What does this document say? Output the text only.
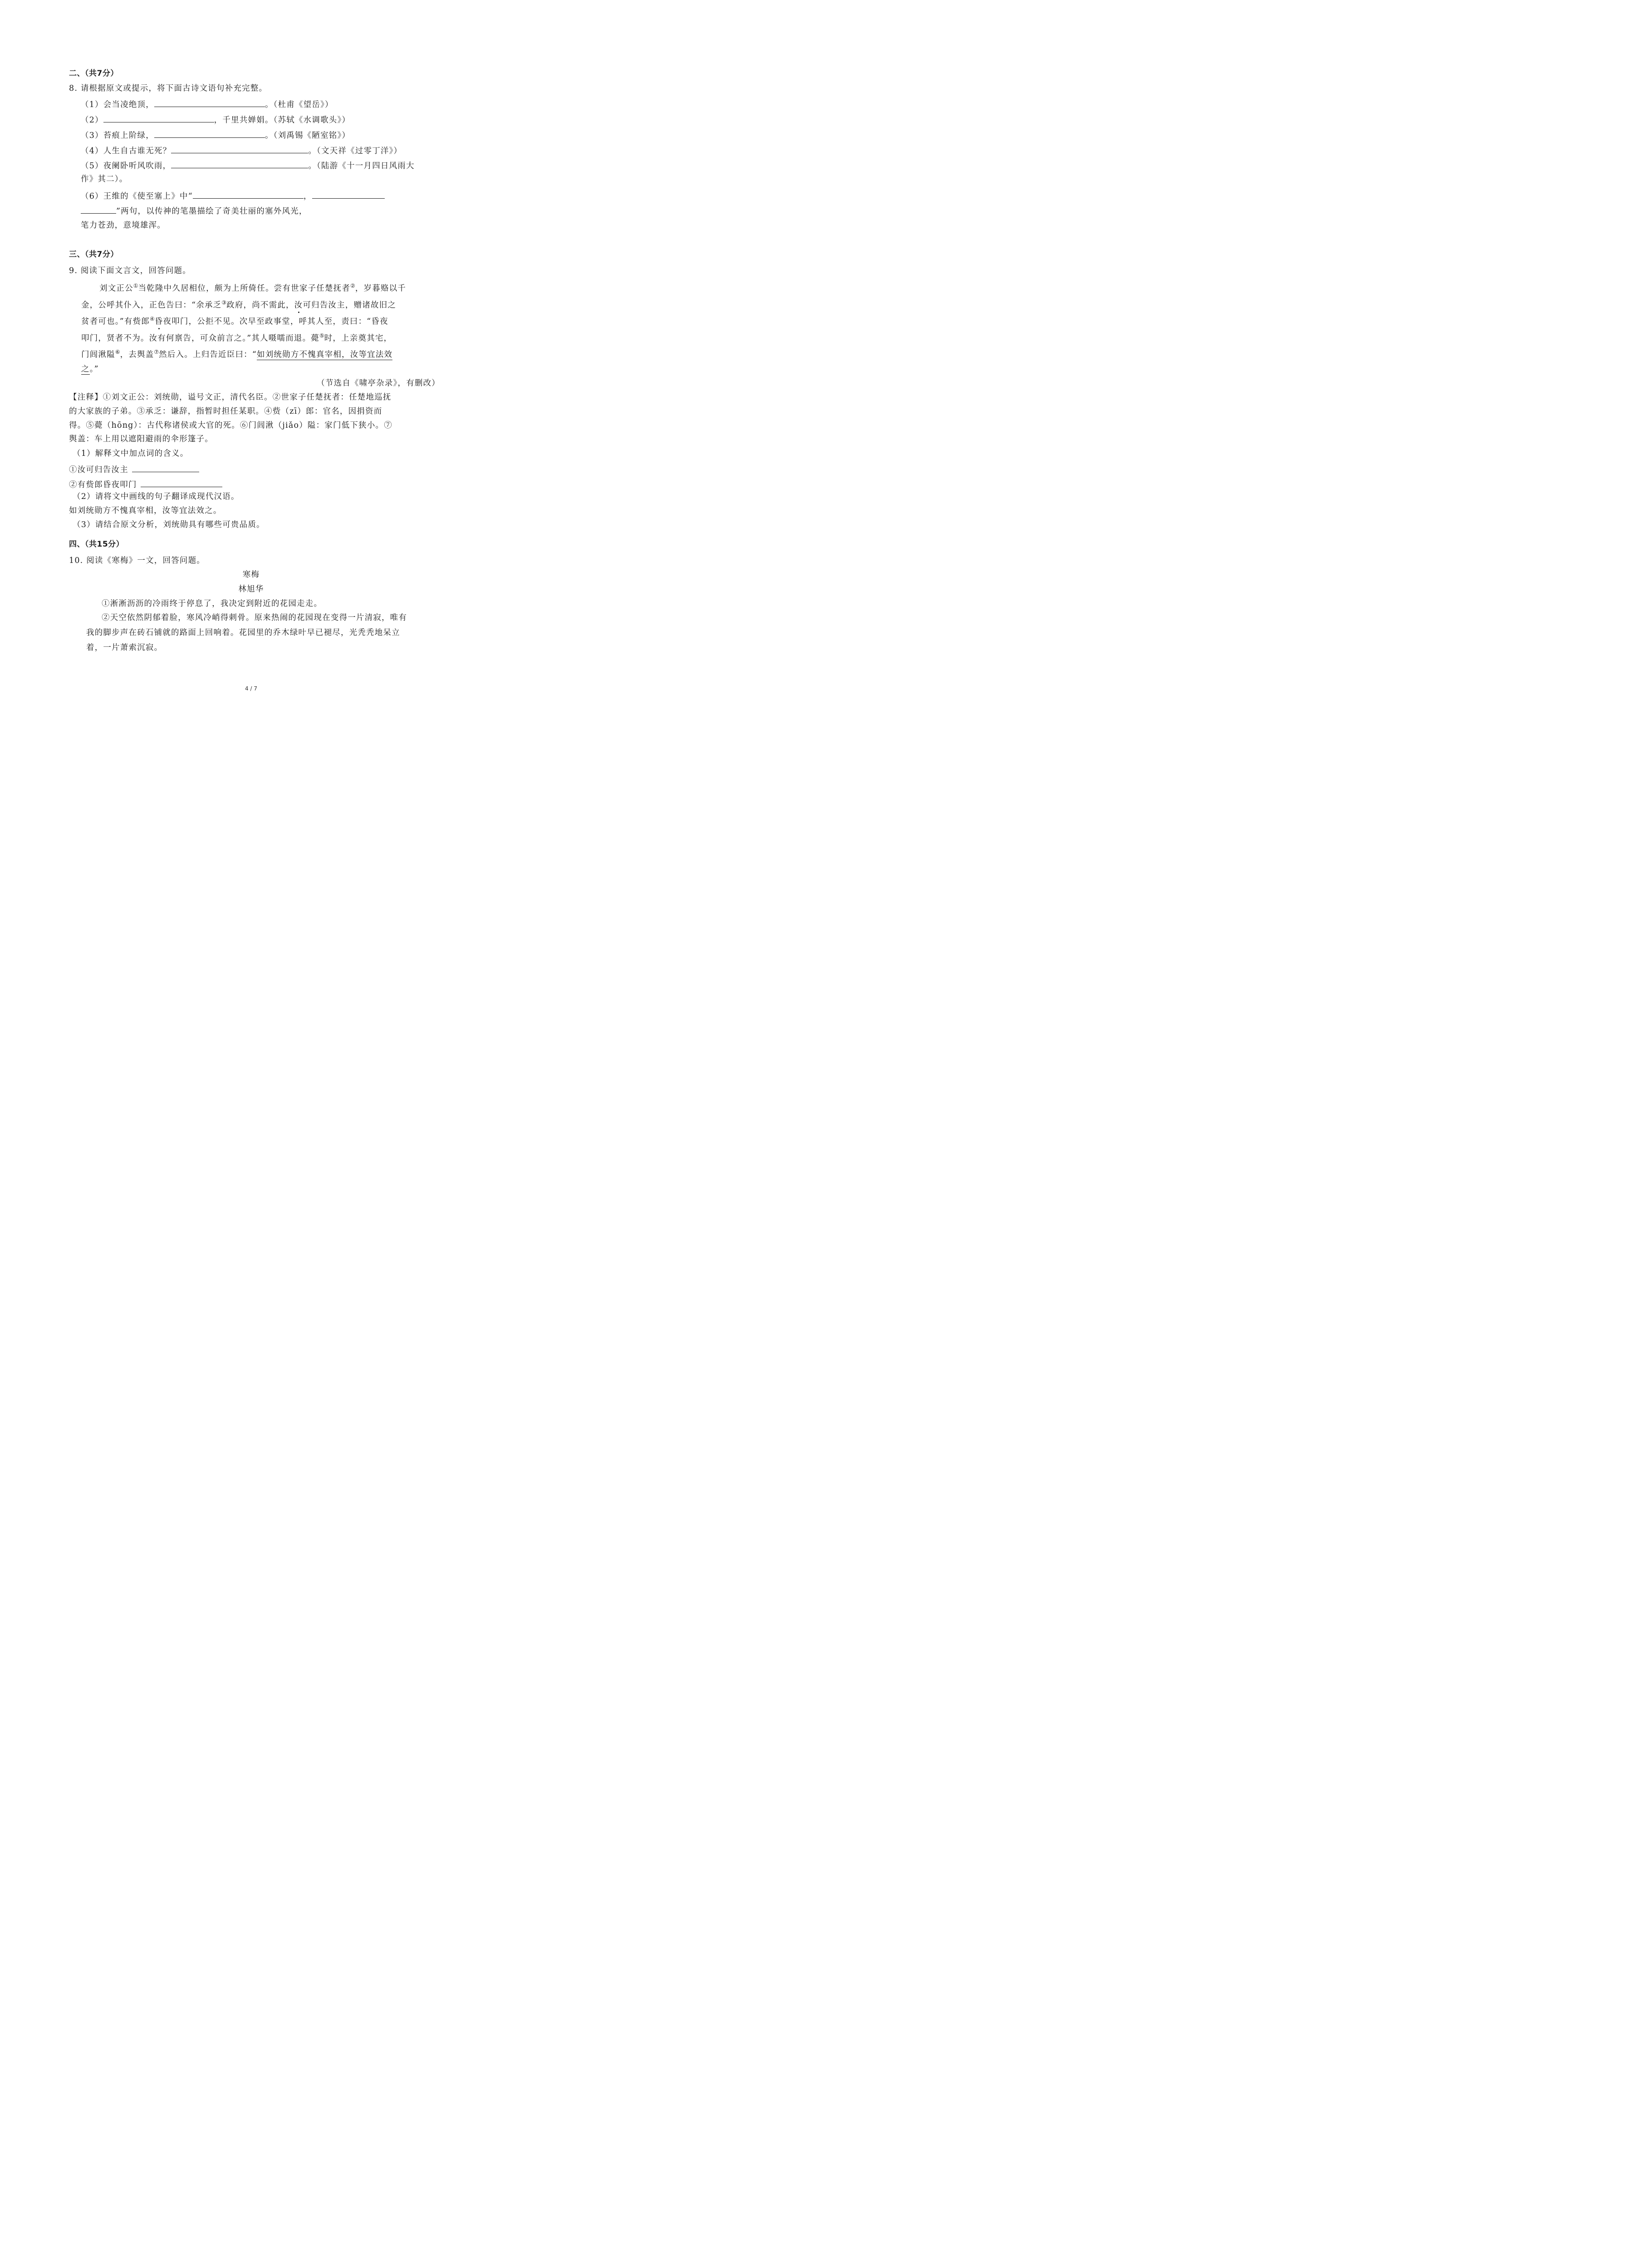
二、（共7分）
8. 请根据原文或提示，将下面古诗文语句补充完整。
（1）会当凌绝顶，	。（杜甫《望岳》）
（2）	，千里共婵娟。（苏轼《水调歌头》）
（3）苔痕上阶绿，	。（刘禹锡《陋室铭》）
（4）人生自古谁无死？	。（文天祥《过零丁洋》）
（5）夜阑卧听风吹雨，	。（陆游《十一月四日风雨大
作》其二）。
（6）王维的《使至塞上》中“	，
”两句，以传神的笔墨描绘了奇美壮丽的塞外风光，
笔力苍劲，意境雄浑。
三、（共7分）
9. 阅读下面文言文，回答问题。
刘文正公①当乾隆中久居相位，颇为上所倚任。尝有世家子任楚抚者②，岁暮赂以千
金，公呼其仆入，正色告曰：“余承乏③政府，尚不需此，汝可归告汝主，赠诸故旧之
贫者可也。”有赀郎④昏夜叩门，公拒不见。次早至政事堂，呼其人至，责曰：“昏夜
叩门，贤者不为。汝有何禀告，可众前言之。”其人嗫嚅而退。薨⑤时，上亲奠其宅，
门闾湫隘⑥，去舆盖⑦然后入。上归告近臣曰：“如刘统勋方不愧真宰相，汝等宜法效
之。”
（节选自《啸亭杂录》，有删改）
【注释】①刘文正公：刘统勋，谥号文正，清代名臣。②世家子任楚抚者：任楚地巡抚
的大家族的子弟。③承乏：谦辞，指暂时担任某职。④赀（zī）郎：官名，因捐资而
得。⑤薨（hōng）：古代称诸侯或大官的死。⑥门闾湫（jiǎo）隘：家门低下狭小。⑦
舆盖：车上用以遮阳避雨的伞形篷子。
（1）解释文中加点词的含义。
①汝可归告汝主
②有赀郎昏夜叩门
（2）请将文中画线的句子翻译成现代汉语。
如刘统勋方不愧真宰相，汝等宜法效之。
（3）请结合原文分析，刘统勋具有哪些可贵品质。
四、（共15分）
10. 阅读《寒梅》一文，回答问题。
寒梅
林旭华
①淅淅沥沥的冷雨终于停息了，我决定到附近的花园走走。
②天空依然阴郁着脸，寒风冷峭得刺骨。原来热闹的花园现在变得一片清寂，唯有
我的脚步声在砖石铺就的路面上回响着。花园里的乔木绿叶早已褪尽，光秃秃地呆立
着，一片萧索沉寂。
4 / 7
